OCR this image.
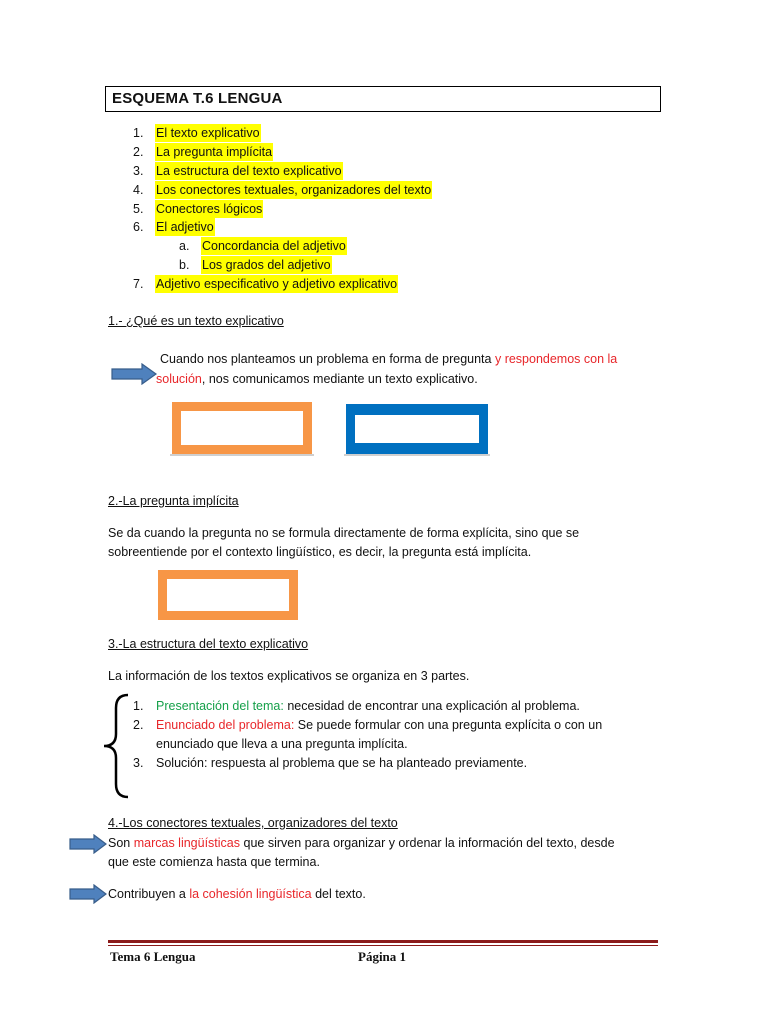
ESQUEMA T.6 LENGUA
1.	El texto explicativo
2.	La pregunta implícita
3.	La estructura del texto explicativo
4.	Los conectores textuales, organizadores del texto
5.	Conectores lógicos
6.	El adjetivo
a.	Concordancia del adjetivo
b.	Los grados del adjetivo
7.	Adjetivo especificativo y adjetivo explicativo
1.- ¿Qué es un texto explicativo
Cuando nos planteamos un problema en forma de pregunta y respondemos con la
solución, nos comunicamos mediante un texto explicativo.
2.-La pregunta implícita
Se da cuando la pregunta no se formula directamente de forma explícita, sino que se
sobreentiende por el contexto lingüístico, es decir, la pregunta está implícita.
3.-La estructura del texto explicativo
La información de los textos explicativos se organiza en 3 partes.
1. Presentación del tema: necesidad de encontrar una explicación al problema.
2. Enunciado del problema: Se puede formular con una pregunta explícita o con un
enunciado que lleva a una pregunta implícita.
3. Solución: respuesta al problema que se ha planteado previamente.
4.-Los conectores textuales, organizadores del texto
Son marcas lingüísticas que sirven para organizar y ordenar la información del texto, desde
que este comienza hasta que termina.
Contribuyen a la cohesión lingüística del texto.
Tema 6 Lengua	Página 1
